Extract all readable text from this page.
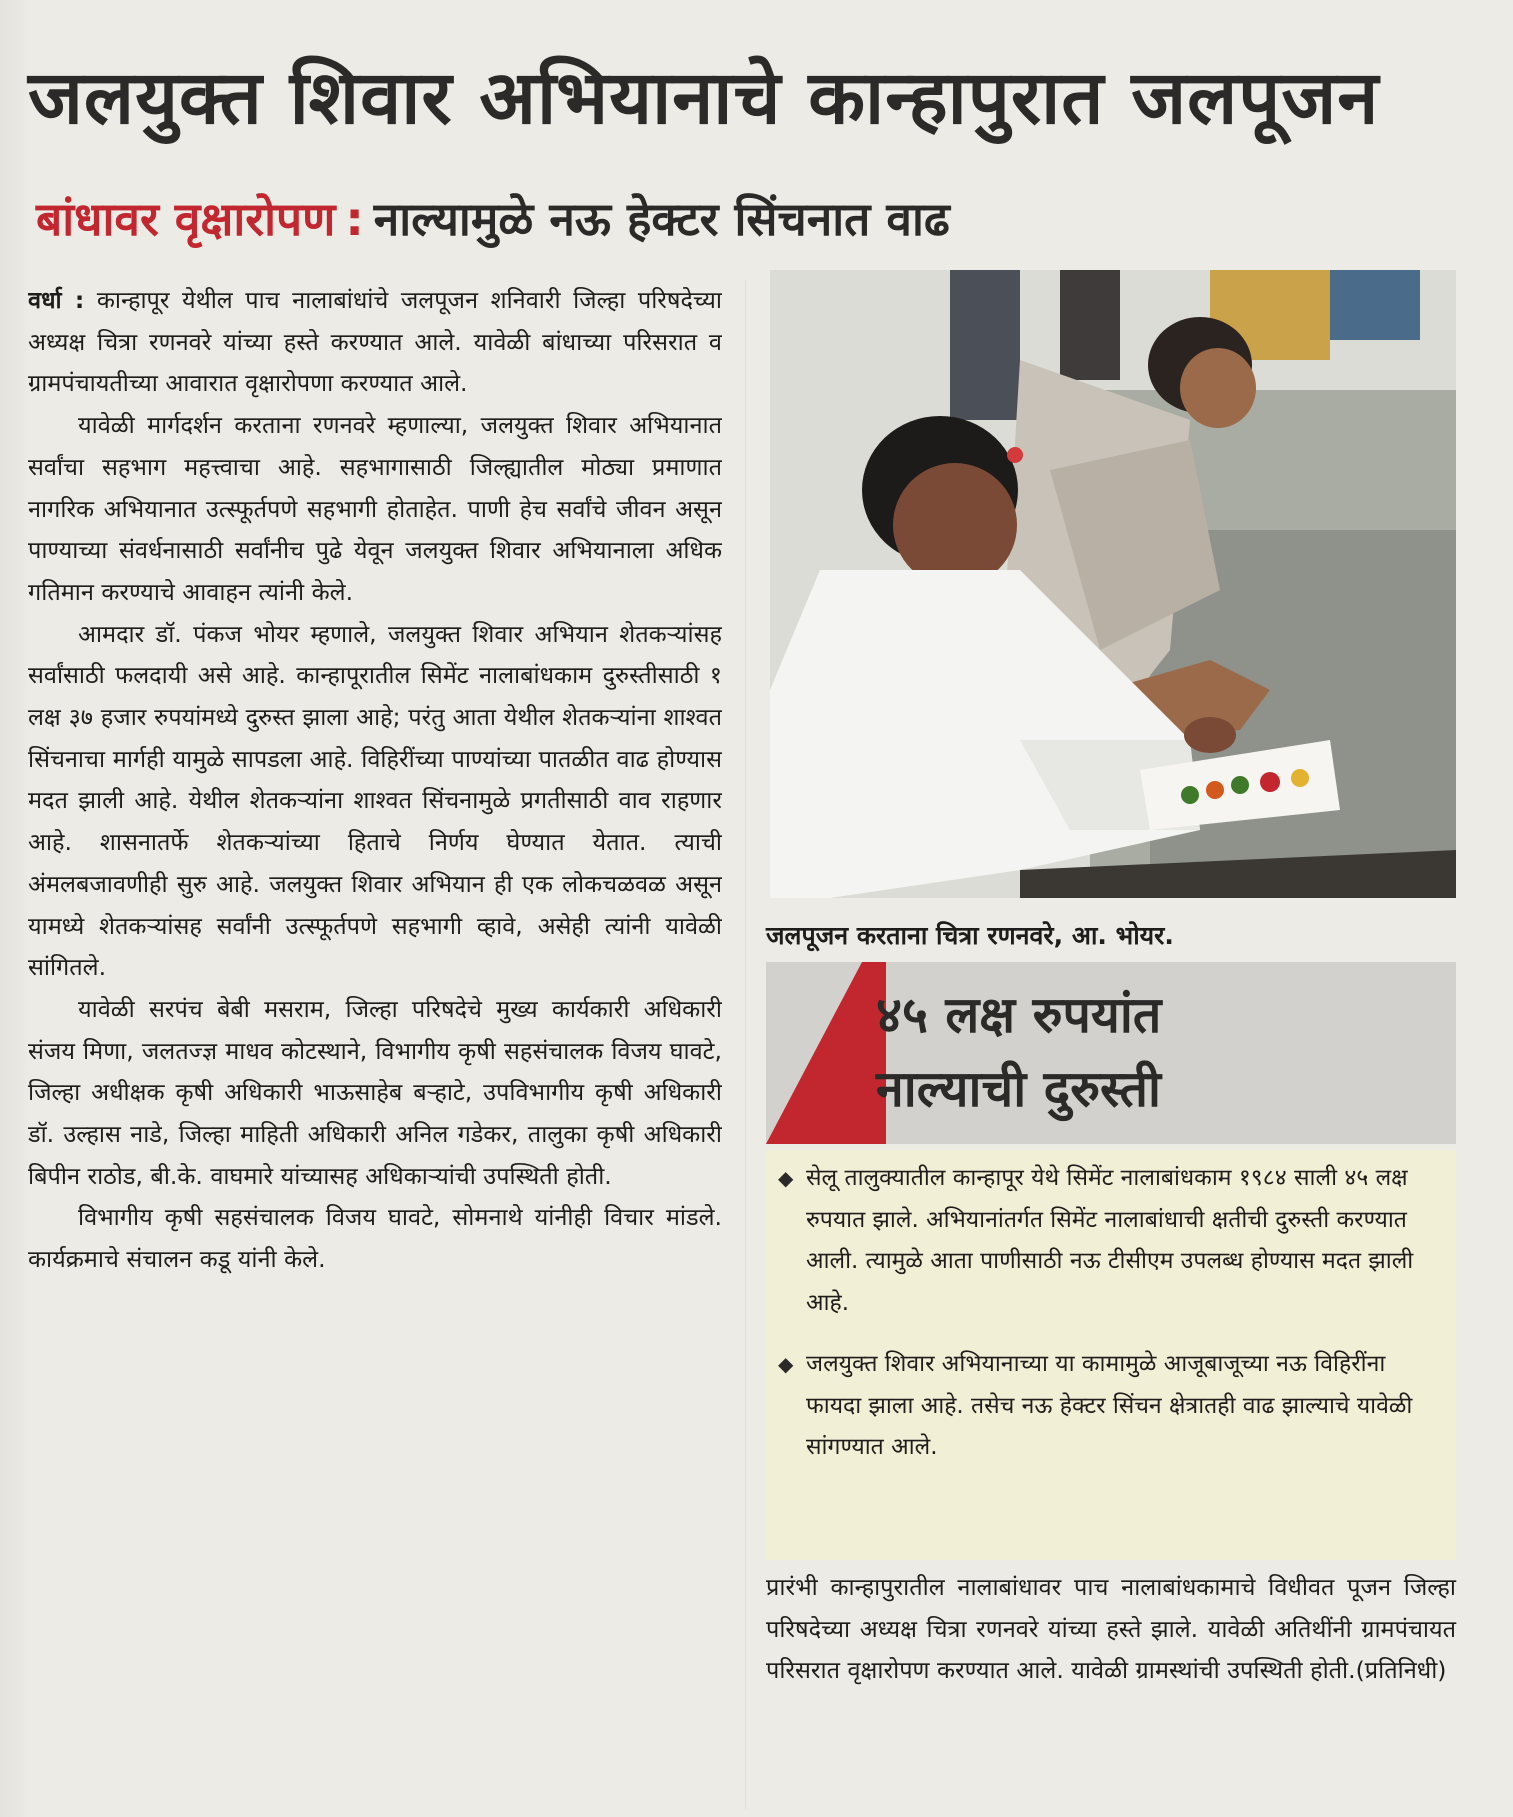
जलयुक्त शिवार अभियानाचे कान्हापुरात जलपूजन
बांधावर वृक्षारोपण : नाल्यामुळे नऊ हेक्टर सिंचनात वाढ

वर्धा : कान्हापूर येथील पाच नालाबांधांचे जलपूजन शनिवारी जिल्हा परिषदेच्या अध्यक्ष चित्रा रणनवरे यांच्या हस्ते करण्यात आले. यावेळी बांधाच्या परिसरात व ग्रामपंचायतीच्या आवारात वृक्षारोपणा करण्यात आले.

यावेळी मार्गदर्शन करताना रणनवरे म्हणाल्या, जलयुक्त शिवार अभियानात सर्वांचा सहभाग महत्त्वाचा आहे. सहभागासाठी जिल्ह्यातील मोठ्या प्रमाणात नागरिक अभियानात उत्स्फूर्तपणे सहभागी होताहेत. पाणी हेच सर्वांचे जीवन असून पाण्याच्या संवर्धनासाठी सर्वांनीच पुढे येवून जलयुक्त शिवार अभियानाला अधिक गतिमान करण्याचे आवाहन त्यांनी केले.

आमदार डॉ. पंकज भोयर म्हणाले, जलयुक्त शिवार अभियान शेतकऱ्यांसह सर्वांसाठी फलदायी असे आहे. कान्हापूरातील सिमेंट नालाबांधकाम दुरुस्तीसाठी १ लक्ष ३७ हजार रुपयांमध्ये दुरुस्त झाला आहे; परंतु आता येथील शेतकऱ्यांना शाश्वत सिंचनाचा मार्गही यामुळे सापडला आहे. विहिरींच्या पाण्यांच्या पातळीत वाढ होण्यास मदत झाली आहे. येथील शेतकऱ्यांना शाश्वत सिंचनामुळे प्रगतीसाठी वाव राहणार आहे. शासनातर्फे शेतकऱ्यांच्या हिताचे निर्णय घेण्यात येतात. त्याची अंमलबजावणीही सुरु आहे. जलयुक्त शिवार अभियान ही एक लोकचळवळ असून यामध्ये शेतकऱ्यांसह सर्वांनी उत्स्फूर्तपणे सहभागी व्हावे, असेही त्यांनी यावेळी सांगितले.

यावेळी सरपंच बेबी मसराम, जिल्हा परिषदेचे मुख्य कार्यकारी अधिकारी संजय मिणा, जलतज्ज्ञ माधव कोटस्थाने, विभागीय कृषी सहसंचालक विजय घावटे, जिल्हा अधीक्षक कृषी अधिकारी भाऊसाहेब बऱ्हाटे, उपविभागीय कृषी अधिकारी डॉ. उल्हास नाडे, जिल्हा माहिती अधिकारी अनिल गडेकर, तालुका कृषी अधिकारी बिपीन राठोड, बी.के. वाघमारे यांच्यासह अधिकाऱ्यांची उपस्थिती होती.

विभागीय कृषी सहसंचालक विजय घावटे, सोमनाथे यांनीही विचार मांडले. कार्यक्रमाचे संचालन कडू यांनी केले.

जलपूजन करताना चित्रा रणनवरे, आ. भोयर.
४५ लक्ष रुपयांत
नाल्याची दुरुस्ती
◆ सेलू तालुक्यातील कान्हापूर येथे सिमेंट नालाबांधकाम १९८४ साली ४५ लक्ष रुपयात झाले. अभियानांतर्गत सिमेंट नालाबांधाची क्षतीची दुरुस्ती करण्यात आली. त्यामुळे आता पाणीसाठी नऊ टीसीएम उपलब्ध होण्यास मदत झाली आहे.
◆ जलयुक्त शिवार अभियानाच्या या कामामुळे आजूबाजूच्या नऊ विहिरींना फायदा झाला आहे. तसेच नऊ हेक्टर सिंचन क्षेत्रातही वाढ झाल्याचे यावेळी सांगण्यात आले.

प्रारंभी कान्हापुरातील नालाबांधावर पाच नालाबांधकामाचे विधीवत पूजन जिल्हा परिषदेच्या अध्यक्ष चित्रा रणनवरे यांच्या हस्ते झाले. यावेळी अतिथींनी ग्रामपंचायत परिसरात वृक्षारोपण करण्यात आले. यावेळी ग्रामस्थांची उपस्थिती होती.(प्रतिनिधी)
